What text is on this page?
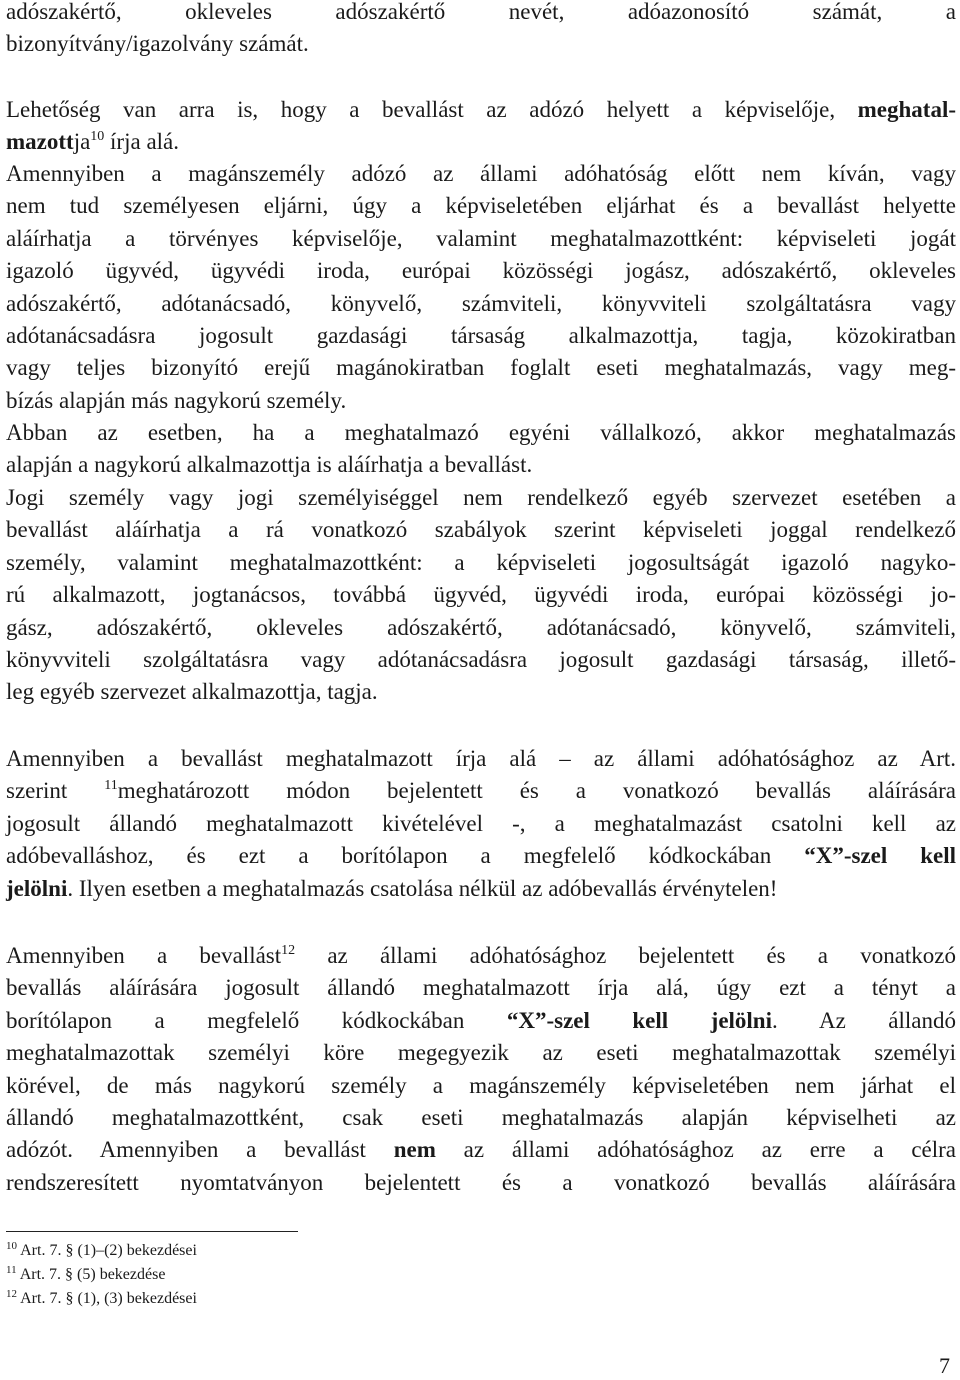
adószakértő, okleveles adószakértő nevét, adóazonosító számát, a
bizonyítvány/igazolvány számát.
Lehetőség van arra is, hogy a bevallást az adózó helyett a képviselője, meghatal-
mazottja$^{10}$ írja alá.
Amennyiben a magánszemély adózó az állami adóhatóság előtt nem kíván, vagy
nem tud személyesen eljárni, úgy a képviseletében eljárhat és a bevallást helyette
aláírhatja a törvényes képviselője, valamint meghatalmazottként: képviseleti jogát
igazoló ügyvéd, ügyvédi iroda, európai közösségi jogász, adószakértő, okleveles
adószakértő, adótanácsadó, könyvelő, számviteli, könyvviteli szolgáltatásra vagy
adótanácsadásra jogosult gazdasági társaság alkalmazottja, tagja, közokiratban
vagy teljes bizonyító erejű magánokiratban foglalt eseti meghatalmazás, vagy meg-
bízás alapján más nagykorú személy.
Abban az esetben, ha a meghatalmazó egyéni vállalkozó, akkor meghatalmazás
alapján a nagykorú alkalmazottja is aláírhatja a bevallást.
Jogi személy vagy jogi személyiséggel nem rendelkező egyéb szervezet esetében a
bevallást aláírhatja a rá vonatkozó szabályok szerint képviseleti joggal rendelkező
személy, valamint meghatalmazottként: a képviseleti jogosultságát igazoló nagyko-
rú alkalmazott, jogtanácsos, továbbá ügyvéd, ügyvédi iroda, európai közösségi jo-
gász, adószakértő, okleveles adószakértő, adótanácsadó, könyvelő, számviteli,
könyvviteli szolgáltatásra vagy adótanácsadásra jogosult gazdasági társaság, illető-
leg egyéb szervezet alkalmazottja, tagja.
Amennyiben a bevallást meghatalmazott írja alá – az állami adóhatósághoz az Art.
szerint $^{11}$meghatározott módon bejelentett és a vonatkozó bevallás aláírására
jogosult állandó meghatalmazott kivételével -, a meghatalmazást csatolni kell az
adóbevalláshoz, és ezt a borítólapon a megfelelő kódkockában “X”-szel kell
jelölni. Ilyen esetben a meghatalmazás csatolása nélkül az adóbevallás érvénytelen!
Amennyiben a bevallást$^{12}$ az állami adóhatósághoz bejelentett és a vonatkozó
bevallás aláírására jogosult állandó meghatalmazott írja alá, úgy ezt a tényt a
borítólapon a megfelelő kódkockában “X”-szel kell jelölni. Az állandó
meghatalmazottak személyi köre megegyezik az eseti meghatalmazottak személyi
körével, de más nagykorú személy a magánszemély képviseletében nem járhat el
állandó meghatalmazottként, csak eseti meghatalmazás alapján képviselheti az
adózót. Amennyiben a bevallást nem az állami adóhatósághoz az erre a célra
rendszeresített nyomtatványon bejelentett és a vonatkozó bevallás aláírására
$^{10}$ Art. 7. § (1)–(2) bekezdései
$^{11}$ Art. 7. § (5) bekezdése
$^{12}$ Art. 7. § (1), (3) bekezdései
7
